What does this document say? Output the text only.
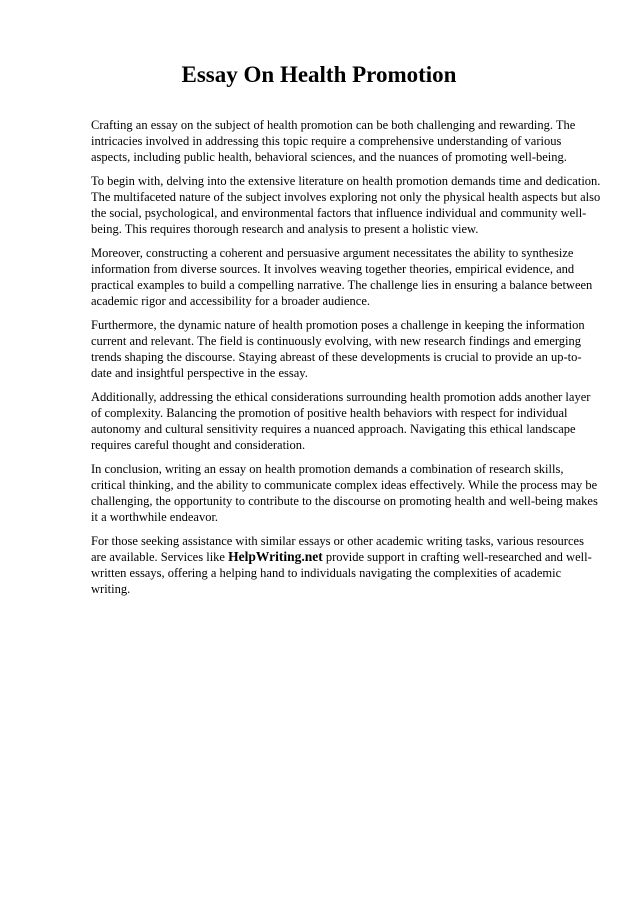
Essay On Health Promotion

Crafting an essay on the subject of health promotion can be both challenging and rewarding. The intricacies involved in addressing this topic require a comprehensive understanding of various aspects, including public health, behavioral sciences, and the nuances of promoting well-being.

To begin with, delving into the extensive literature on health promotion demands time and dedication. The multifaceted nature of the subject involves exploring not only the physical health aspects but also the social, psychological, and environmental factors that influence individual and community well-being. This requires thorough research and analysis to present a holistic view.

Moreover, constructing a coherent and persuasive argument necessitates the ability to synthesize information from diverse sources. It involves weaving together theories, empirical evidence, and practical examples to build a compelling narrative. The challenge lies in ensuring a balance between academic rigor and accessibility for a broader audience.

Furthermore, the dynamic nature of health promotion poses a challenge in keeping the information current and relevant. The field is continuously evolving, with new research findings and emerging trends shaping the discourse. Staying abreast of these developments is crucial to provide an up-to-date and insightful perspective in the essay.

Additionally, addressing the ethical considerations surrounding health promotion adds another layer of complexity. Balancing the promotion of positive health behaviors with respect for individual autonomy and cultural sensitivity requires a nuanced approach. Navigating this ethical landscape requires careful thought and consideration.

In conclusion, writing an essay on health promotion demands a combination of research skills, critical thinking, and the ability to communicate complex ideas effectively. While the process may be challenging, the opportunity to contribute to the discourse on promoting health and well-being makes it a worthwhile endeavor.

For those seeking assistance with similar essays or other academic writing tasks, various resources are available. Services like HelpWriting.net provide support in crafting well-researched and well-written essays, offering a helping hand to individuals navigating the complexities of academic writing.
